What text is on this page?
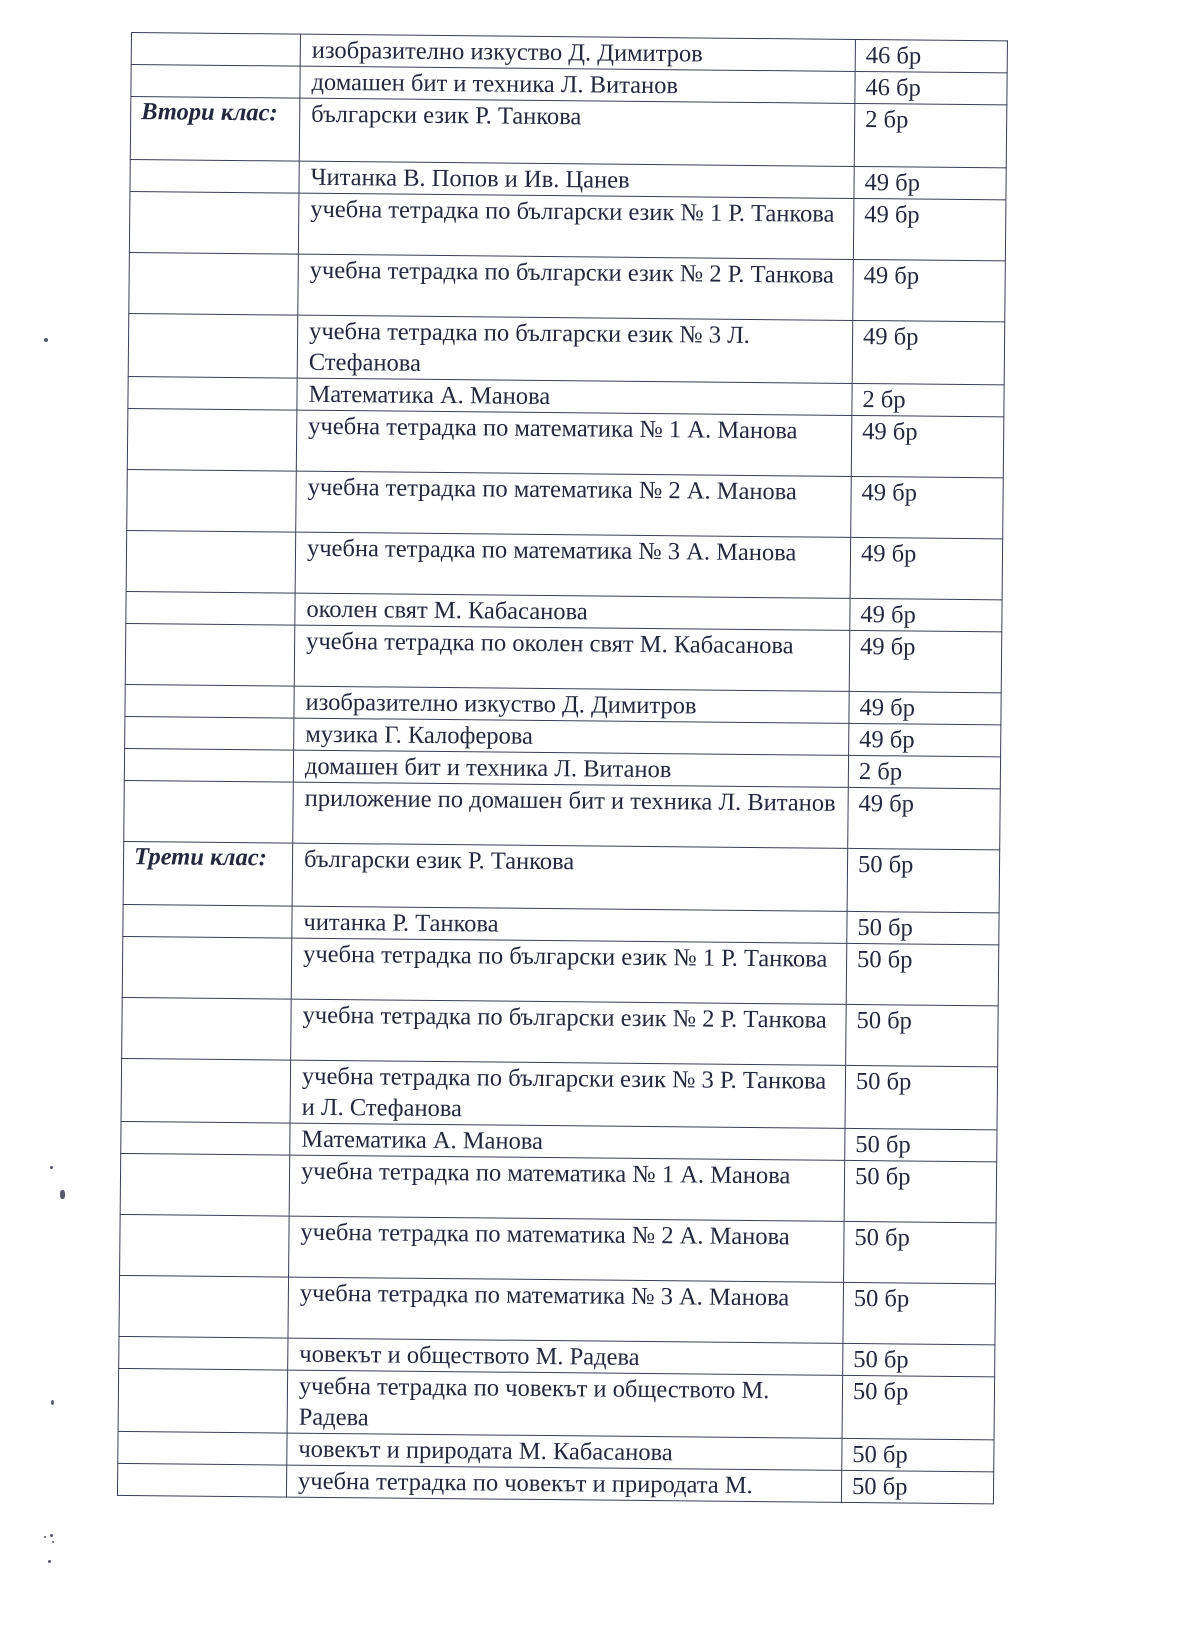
	изобразително изкуство Д. Димитров	46 бр
	домашен бит и техника Л. Витанов	46 бр
Втори клас:	български език Р. Танкова	2 бр
	Читанка В. Попов и Ив. Цанев	49 бр
	учебна тетрадка по български език № 1 Р. Танкова	49 бр
	учебна тетрадка по български език № 2 Р. Танкова	49 бр
	учебна тетрадка по български език № 3 Л. Стефанова	49 бр
	Математика А. Манова	2 бр
	учебна тетрадка по математика № 1 А. Манова	49 бр
	учебна тетрадка по математика № 2 А. Манова	49 бр
	учебна тетрадка по математика № 3 А. Манова	49 бр
	околен свят М. Кабасанова	49 бр
	учебна тетрадка по околен свят М. Кабасанова	49 бр
	изобразително изкуство Д. Димитров	49 бр
	музика Г. Калоферова	49 бр
	домашен бит и техника Л. Витанов	2 бр
	приложение по домашен бит и техника Л. Витанов	49 бр
Трети клас:	български език Р. Танкова	50 бр
	читанка Р. Танкова	50 бр
	учебна тетрадка по български език № 1 Р. Танкова	50 бр
	учебна тетрадка по български език № 2 Р. Танкова	50 бр
	учебна тетрадка по български език № 3 Р. Танкова и Л. Стефанова	50 бр
	Математика А. Манова	50 бр
	учебна тетрадка по математика № 1 А. Манова	50 бр
	учебна тетрадка по математика № 2 А. Манова	50 бр
	учебна тетрадка по математика № 3 А. Манова	50 бр
	човекът и обществото М. Радева	50 бр
	учебна тетрадка по човекът и обществото М. Радева	50 бр
	човекът и природата М. Кабасанова	50 бр
	учебна тетрадка по човекът и природата М.	50 бр
